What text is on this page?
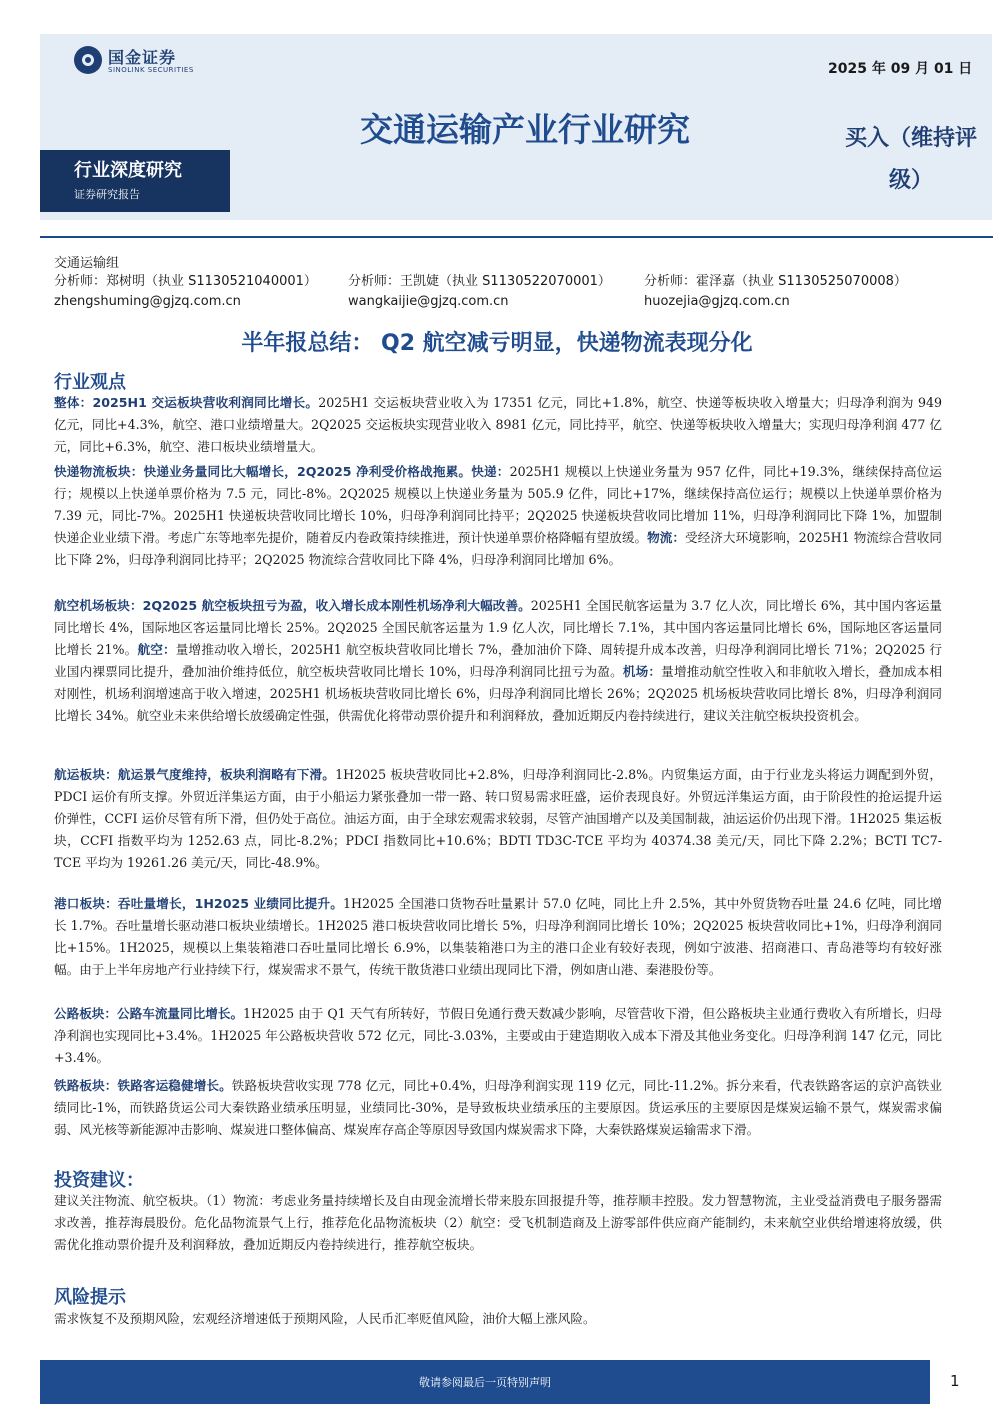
国金证券
SINOLINK SECURITIES	2025 年 09 月 01 日
交通运输产业行业研究	买入（维持评级）
行业深度研究
证券研究报告
交通运输组
分析师：郑树明（执业 S1130521040001）
zhengshuming@gjzq.com.cn
分析师：王凯婕（执业 S1130522070001）
wangkaijie@gjzq.com.cn
分析师：霍泽嘉（执业 S1130525070008）
huozejia@gjzq.com.cn
半年报总结： Q2 航空减亏明显，快递物流表现分化
行业观点
整体：2025H1 交运板块营收利润同比增长。2025H1 交运板块营业收入为 17351 亿元，同比+1.8%，航空、快递等板块收入增量大；归母净利润为 949 亿元，同比+4.3%，航空、港口业绩增量大。2Q2025 交运板块实现营业收入 8981 亿元，同比持平，航空、快递等板块收入增量大；实现归母净利润 477 亿元，同比+6.3%，航空、港口板块业绩增量大。
快递物流板块：快递业务量同比大幅增长，2Q2025 净利受价格战拖累。快递：2025H1 规模以上快递业务量为 957 亿件，同比+19.3%，继续保持高位运行；规模以上快递单票价格为 7.5 元，同比-8%。2Q2025 规模以上快递业务量为 505.9 亿件，同比+17%，继续保持高位运行；规模以上快递单票价格为 7.39 元，同比-7%。2025H1 快递板块营收同比增长 10%，归母净利润同比持平；2Q2025 快递板块营收同比增加 11%，归母净利润同比下降 1%，加盟制快递企业业绩下滑。考虑广东等地率先提价，随着反内卷政策持续推进，预计快递单票价格降幅有望放缓。物流：受经济大环境影响，2025H1 物流综合营收同比下降 2%，归母净利润同比持平；2Q2025 物流综合营收同比下降 4%，归母净利润同比增加 6%。
航空机场板块：2Q2025 航空板块扭亏为盈，收入增长成本刚性机场净利大幅改善。2025H1 全国民航客运量为 3.7 亿人次，同比增长 6%，其中国内客运量同比增长 4%，国际地区客运量同比增长 25%。2Q2025 全国民航客运量为 1.9 亿人次，同比增长 7.1%，其中国内客运量同比增长 6%，国际地区客运量同比增长 21%。航空：量增推动收入增长，2025H1 航空板块营收同比增长 7%，叠加油价下降、周转提升成本改善，归母净利润同比增长 71%；2Q2025 行业国内裸票同比提升，叠加油价维持低位，航空板块营收同比增长 10%，归母净利润同比扭亏为盈。机场：量增推动航空性收入和非航收入增长，叠加成本相对刚性，机场利润增速高于收入增速，2025H1 机场板块营收同比增长 6%，归母净利润同比增长 26%；2Q2025 机场板块营收同比增长 8%，归母净利润同比增长 34%。航空业未来供给增长放缓确定性强，供需优化将带动票价提升和利润释放，叠加近期反内卷持续进行，建议关注航空板块投资机会。
航运板块：航运景气度维持，板块利润略有下滑。1H2025 板块营收同比+2.8%，归母净利润同比-2.8%。内贸集运方面，由于行业龙头将运力调配到外贸，PDCI 运价有所支撑。外贸近洋集运方面，由于小船运力紧张叠加一带一路、转口贸易需求旺盛，运价表现良好。外贸远洋集运方面，由于阶段性的抢运提升运价弹性，CCFI 运价尽管有所下滑，但仍处于高位。油运方面，由于全球宏观需求较弱，尽管产油国增产以及美国制裁，油运运价仍出现下滑。1H2025 集运板块，CCFI 指数平均为 1252.63 点，同比-8.2%；PDCI 指数同比+10.6%；BDTI TD3C-TCE 平均为 40374.38 美元/天，同比下降 2.2%；BCTI TC7-TCE 平均为 19261.26 美元/天，同比-48.9%。
港口板块：吞吐量增长，1H2025 业绩同比提升。1H2025 全国港口货物吞吐量累计 57.0 亿吨，同比上升 2.5%，其中外贸货物吞吐量 24.6 亿吨，同比增长 1.7%。吞吐量增长驱动港口板块业绩增长。1H2025 港口板块营收同比增长 5%，归母净利润同比增长 10%；2Q2025 板块营收同比+1%，归母净利润同比+15%。1H2025，规模以上集装箱港口吞吐量同比增长 6.9%，以集装箱港口为主的港口企业有较好表现，例如宁波港、招商港口、青岛港等均有较好涨幅。由于上半年房地产行业持续下行，煤炭需求不景气，传统干散货港口业绩出现同比下滑，例如唐山港、秦港股份等。
公路板块：公路车流量同比增长。1H2025 由于 Q1 天气有所转好，节假日免通行费天数减少影响，尽管营收下滑，但公路板块主业通行费收入有所增长，归母净利润也实现同比+3.4%。1H2025 年公路板块营收 572 亿元，同比-3.03%，主要或由于建造期收入成本下滑及其他业务变化。归母净利润 147 亿元，同比+3.4%。
铁路板块：铁路客运稳健增长。铁路板块营收实现 778 亿元，同比+0.4%，归母净利润实现 119 亿元，同比-11.2%。拆分来看，代表铁路客运的京沪高铁业绩同比-1%，而铁路货运公司大秦铁路业绩承压明显，业绩同比-30%，是导致板块业绩承压的主要原因。货运承压的主要原因是煤炭运输不景气，煤炭需求偏弱、风光核等新能源冲击影响、煤炭进口整体偏高、煤炭库存高企等原因导致国内煤炭需求下降，大秦铁路煤炭运输需求下滑。
投资建议：
建议关注物流、航空板块。（1）物流：考虑业务量持续增长及自由现金流增长带来股东回报提升等，推荐顺丰控股。发力智慧物流，主业受益消费电子服务器需求改善，推荐海晨股份。危化品物流景气上行，推荐危化品物流板块（2）航空：受飞机制造商及上游零部件供应商产能制约，未来航空业供给增速将放缓，供需优化推动票价提升及利润释放，叠加近期反内卷持续进行，推荐航空板块。
风险提示
需求恢复不及预期风险，宏观经济增速低于预期风险，人民币汇率贬值风险，油价大幅上涨风险。
敬请参阅最后一页特别声明	1
